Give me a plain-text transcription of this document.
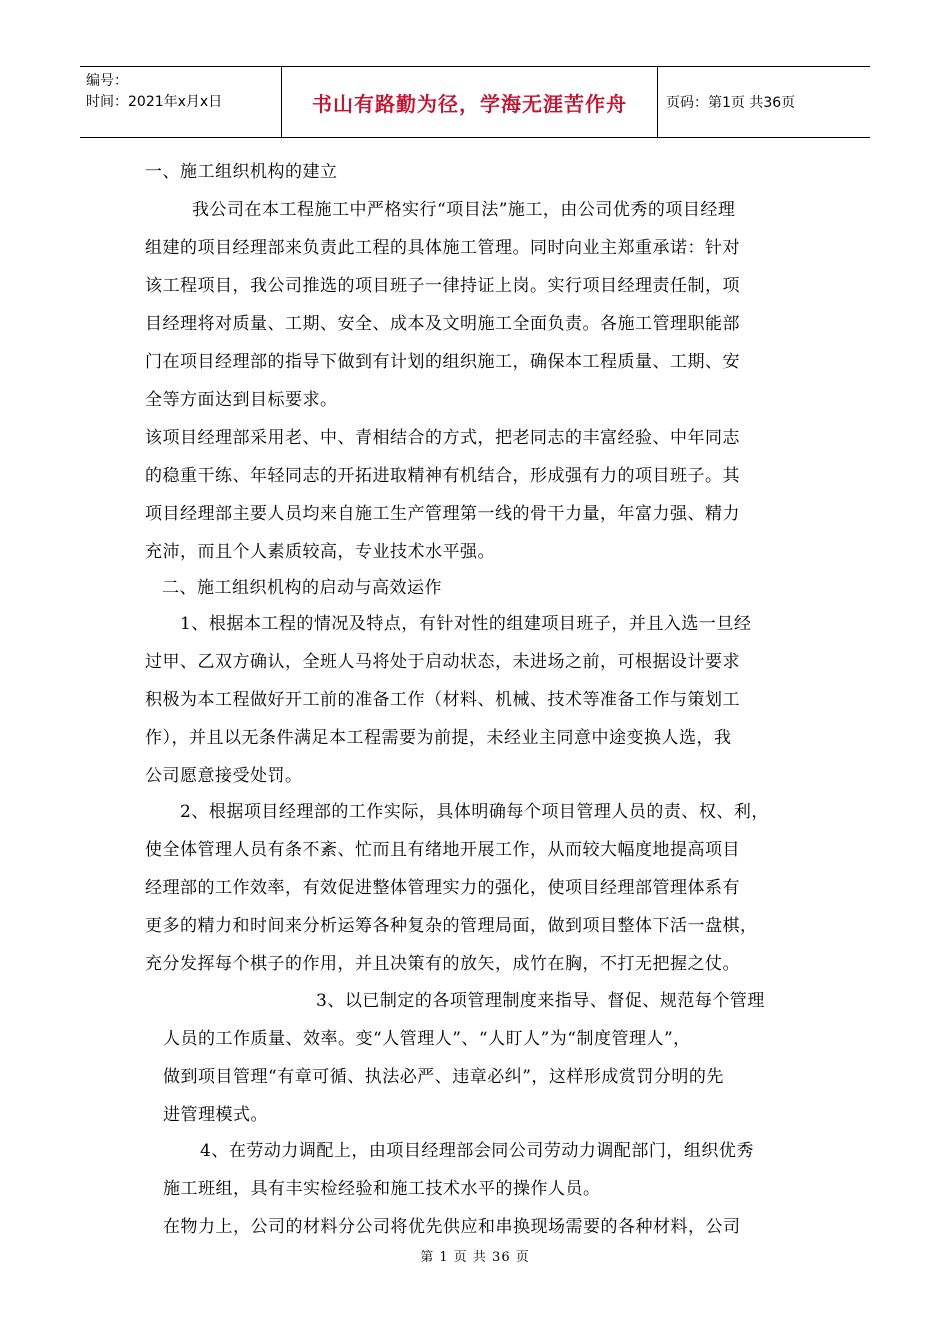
编号：
时间：2021年x月x日	书山有路勤为径，学海无涯苦作舟	页码：第1页 共36页
一、施工组织机构的建立
我公司在本工程施工中严格实行“项目法”施工，由公司优秀的项目经理
组建的项目经理部来负责此工程的具体施工管理。同时向业主郑重承诺：针对
该工程项目，我公司推选的项目班子一律持证上岗。实行项目经理责任制，项
目经理将对质量、工期、安全、成本及文明施工全面负责。各施工管理职能部
门在项目经理部的指导下做到有计划的组织施工，确保本工程质量、工期、安
全等方面达到目标要求。
该项目经理部采用老、中、青相结合的方式，把老同志的丰富经验、中年同志
的稳重干练、年轻同志的开拓进取精神有机结合，形成强有力的项目班子。其
项目经理部主要人员均来自施工生产管理第一线的骨干力量，年富力强、精力
充沛，而且个人素质较高，专业技术水平强。
二、施工组织机构的启动与高效运作
1、根据本工程的情况及特点，有针对性的组建项目班子，并且入选一旦经
过甲、乙双方确认，全班人马将处于启动状态，未进场之前，可根据设计要求
积极为本工程做好开工前的准备工作（材料、机械、技术等准备工作与策划工
作），并且以无条件满足本工程需要为前提，未经业主同意中途变换人选，我
公司愿意接受处罚。
2、根据项目经理部的工作实际，具体明确每个项目管理人员的责、权、利，
使全体管理人员有条不紊、忙而且有绪地开展工作，从而较大幅度地提高项目
经理部的工作效率，有效促进整体管理实力的强化，使项目经理部管理体系有
更多的精力和时间来分析运筹各种复杂的管理局面，做到项目整体下活一盘棋，
充分发挥每个棋子的作用，并且决策有的放矢，成竹在胸，不打无把握之仗。
3、以已制定的各项管理制度来指导、督促、规范每个管理
人员的工作质量、效率。变“人管理人”、“人盯人”为“制度管理人”，
做到项目管理“有章可循、执法必严、违章必纠”，这样形成赏罚分明的先
进管理模式。
4、在劳动力调配上，由项目经理部会同公司劳动力调配部门，组织优秀
施工班组，具有丰实检经验和施工技术水平的操作人员。
在物力上，公司的材料分公司将优先供应和串换现场需要的各种材料，公司
第 1 页 共 36 页
